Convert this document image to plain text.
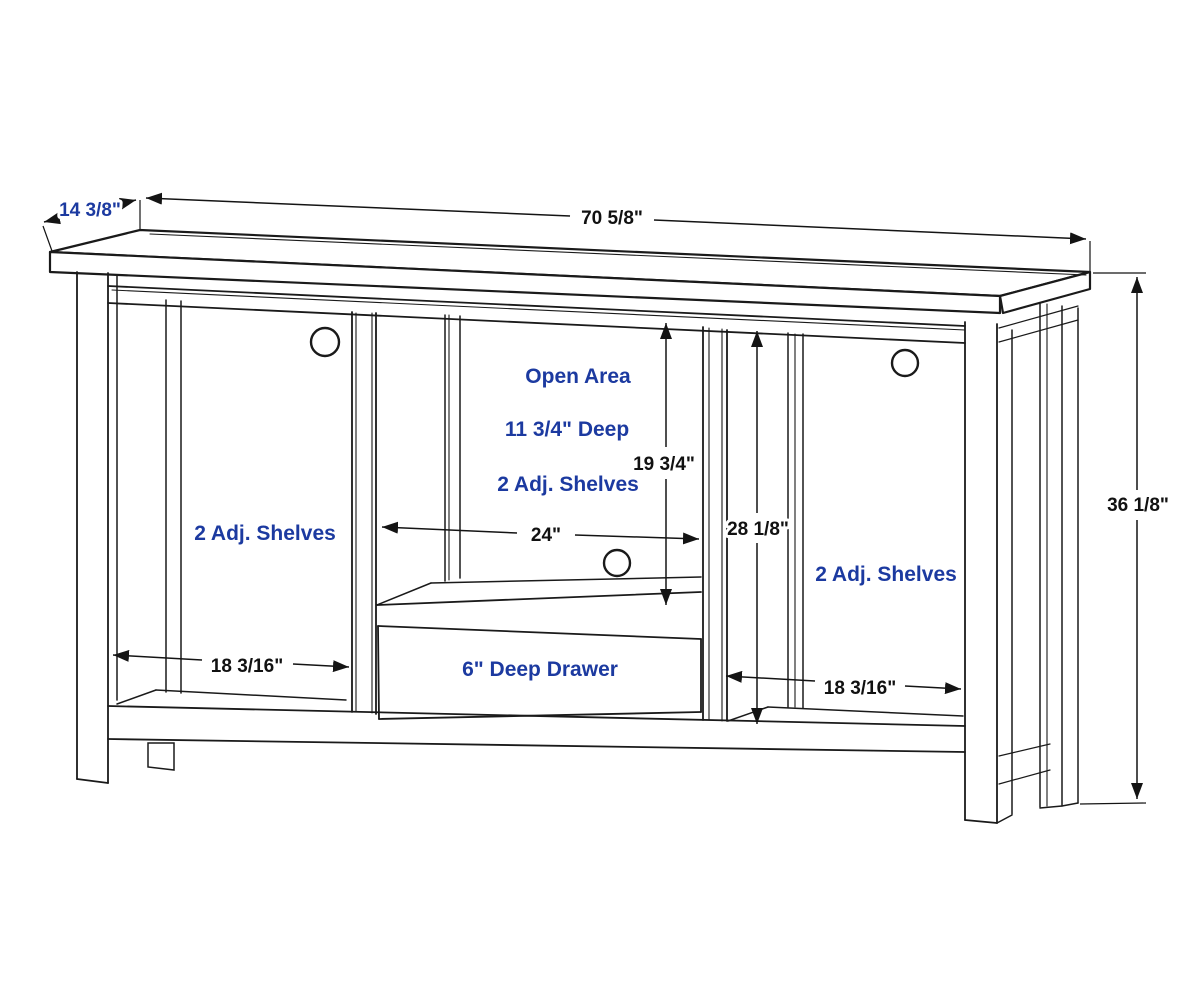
70 5/8"
14 3/8"
36 1/8"
19 3/4"
28 1/8"
24"
18 3/16"
18 3/16"
Open Area
11 3/4" Deep
2 Adj. Shelves
2 Adj. Shelves
2 Adj. Shelves
6" Deep Drawer
